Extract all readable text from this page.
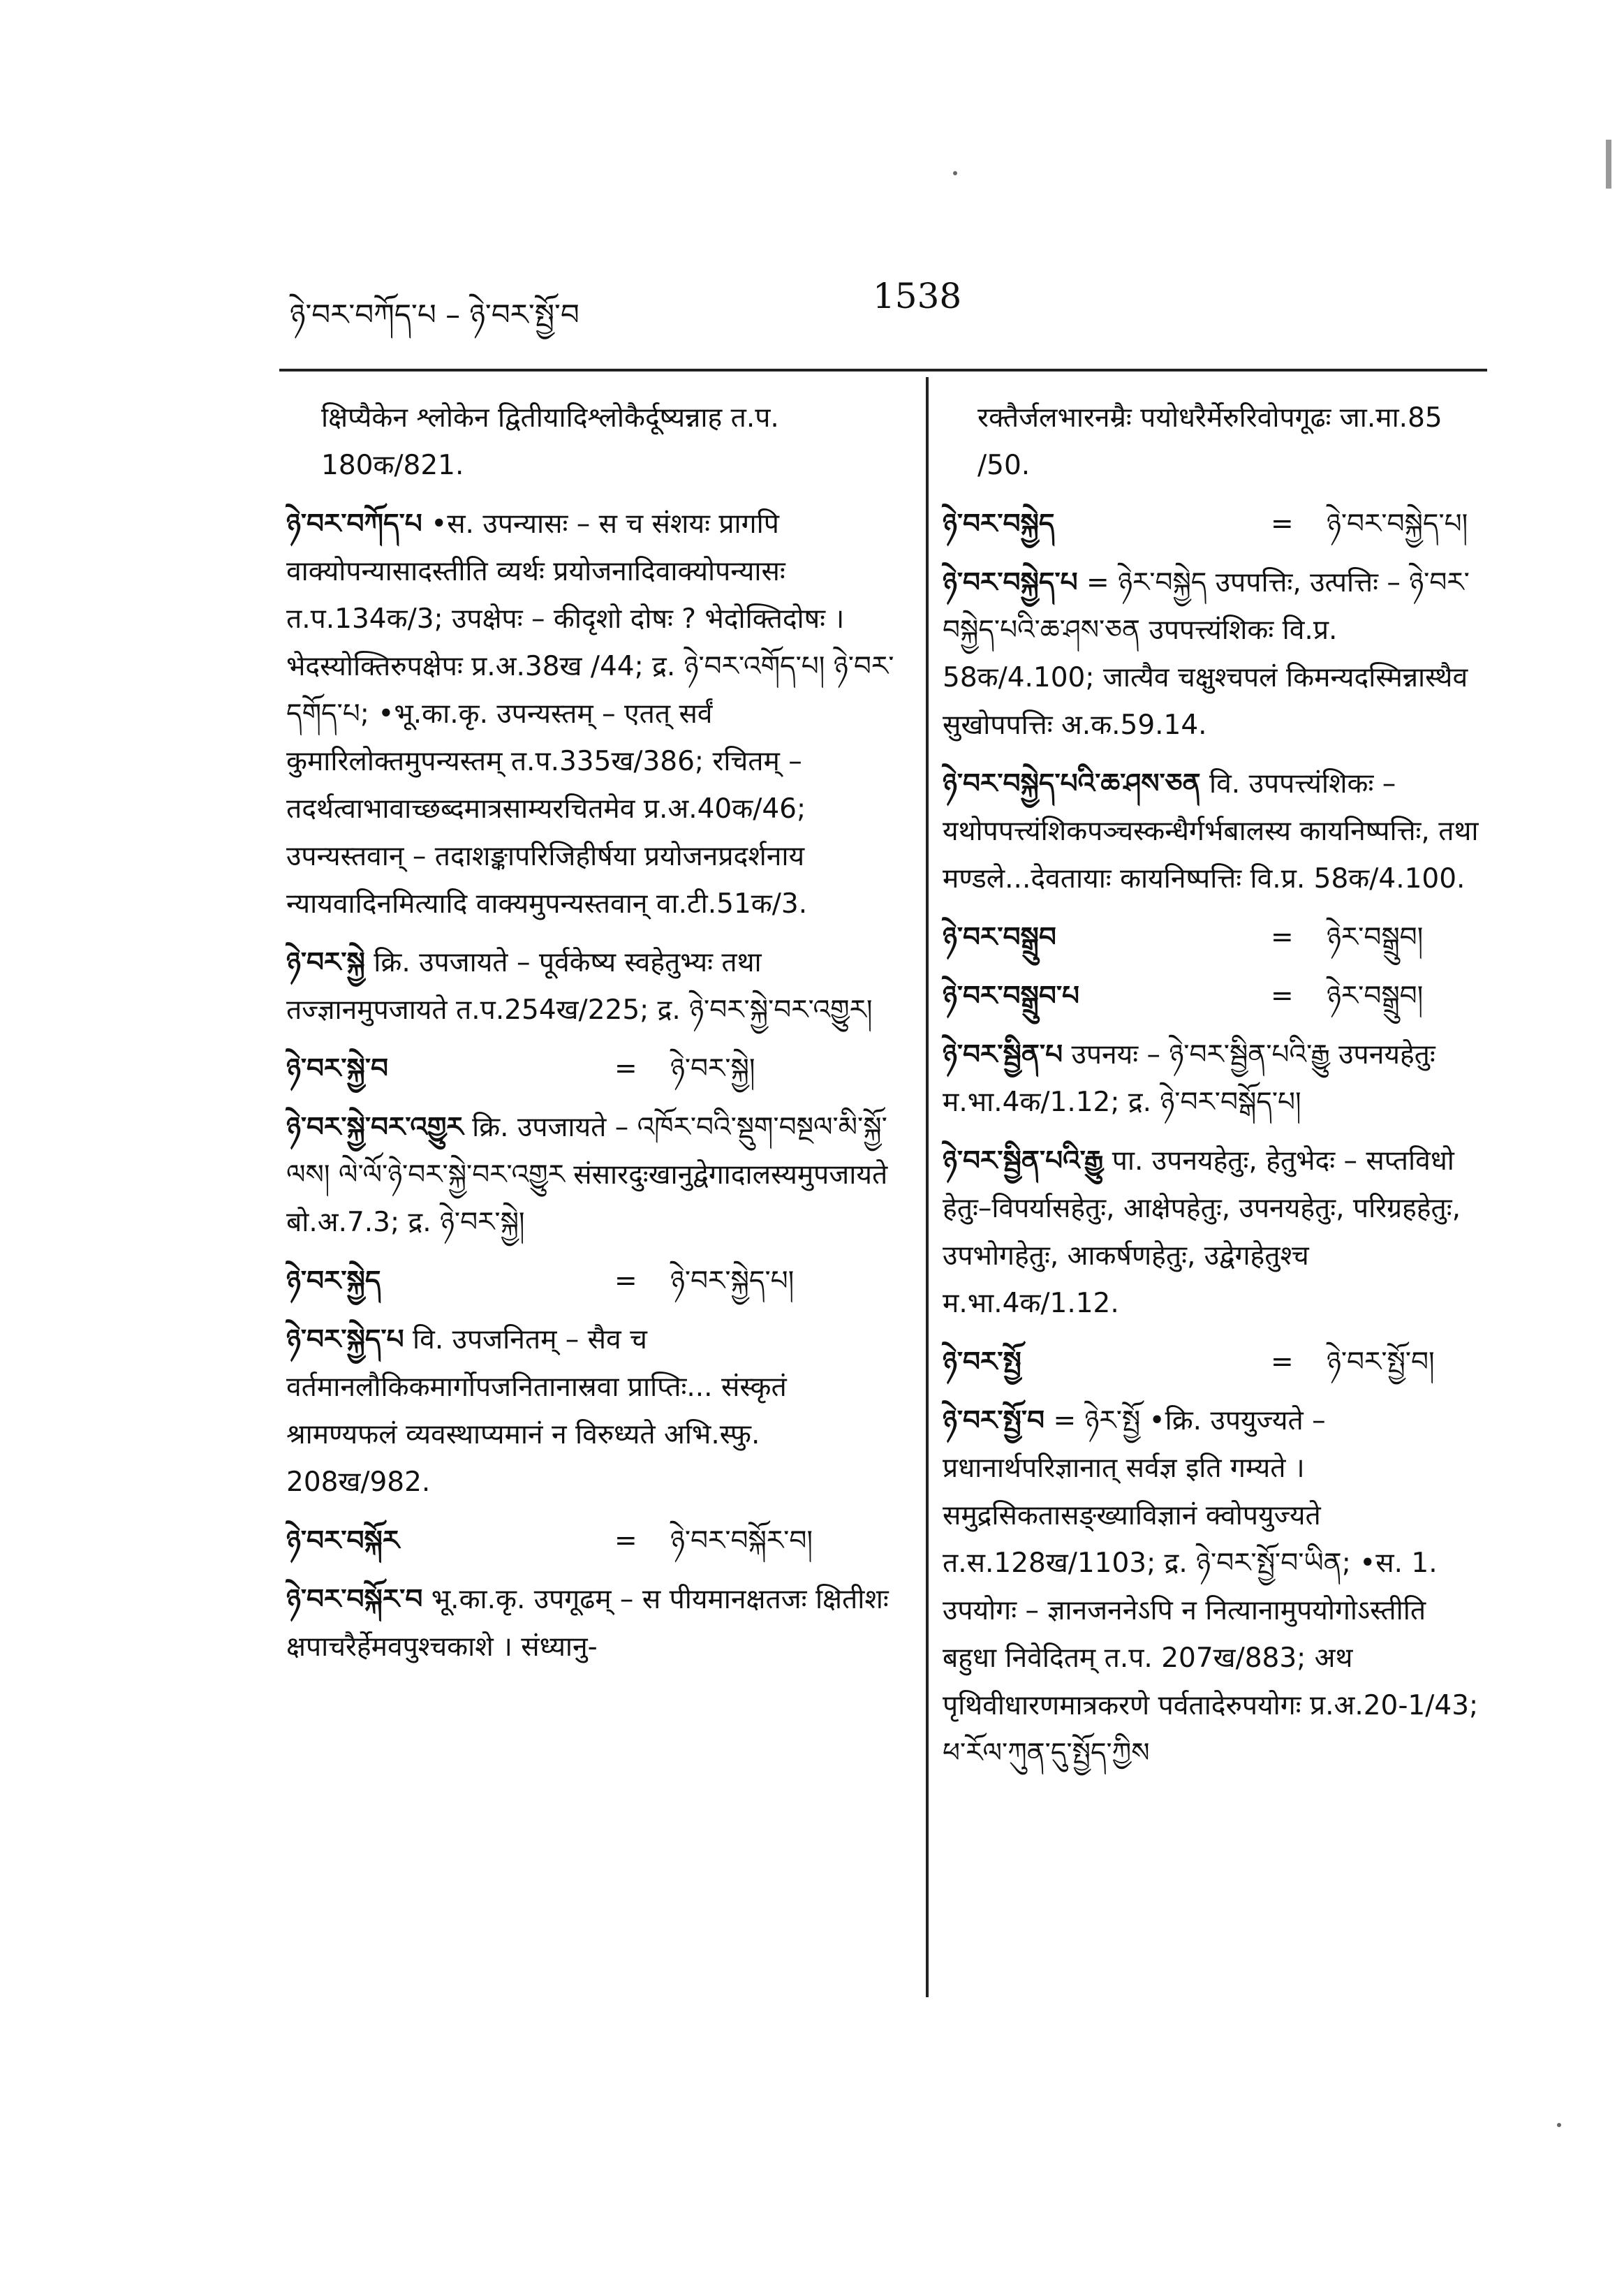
ཉེ་བར་བཀོད་པ – ཉེ་བར་སྤྱོ་བ	1538
क्षिप्यैकेन श्लोकेन द्वितीयादिश्लोकैर्दूष्यन्नाह त.प. 180क/821.
ཉེ་བར་བཀོད་པ •स. उपन्यासः – स च संशयः प्रागपि वाक्योपन्यासादस्तीति व्यर्थः प्रयोजनादिवाक्योपन्यासः त.प.134क/3; उपक्षेपः – कीदृशो दोषः ? भेदोक्तिदोषः । भेदस्योक्तिरुपक्षेपः प्र.अ.38ख /44; द्र. ཉེ་བར་འགོད་པ། ཉེ་བར་དགོད་པ; •भू.का.कृ. उपन्यस्तम् – एतत् सर्वं कुमारिलोक्तमुपन्यस्तम् त.प.335ख/386; रचितम् – तदर्थत्वाभावाच्छब्दमात्रसाम्यरचितमेव प्र.अ.40क/46; उपन्यस्तवान् – तदाशङ्कापरिजिहीर्षया प्रयोजनप्रदर्शनाय न्यायवादिनमित्यादि वाक्यमुपन्यस्तवान् वा.टी.51क/3.
ཉེ་བར་སྐྱེ क्रि. उपजायते – पूर्वकेष्य स्वहेतुभ्यः तथा तज्ज्ञानमुपजायते त.प.254ख/225; द्र. ཉེ་བར་སྐྱེ་བར་འགྱུར།
ཉེ་བར་སྐྱེ་བ	= ཉེ་བར་སྐྱེ།
ཉེ་བར་སྐྱེ་བར་འགྱུར क्रि. उपजायते – འཁོར་བའི་སྡུག་བསྔལ་མི་སྐྱོ་ལས། ལེ་ལོ་ཉེ་བར་སྐྱེ་བར་འགྱུར संसारदुःखानुद्वेगादालस्यमुपजायते बो.अ.7.3; द्र. ཉེ་བར་སྐྱེ།
ཉེ་བར་སྐྱེད	= ཉེ་བར་སྐྱེད་པ།
ཉེ་བར་སྐྱེད་པ वि. उपजनितम् – सैव च वर्तमानलौकिकमार्गोपजनितानास्रवा प्राप्तिः... संस्कृतं श्रामण्यफलं व्यवस्थाप्यमानं न विरुध्यते अभि.स्फु. 208ख/982.
ཉེ་བར་བསྐོར	= ཉེ་བར་བསྐོར་བ།
ཉེ་བར་བསྐོར་བ भू.का.कृ. उपगूढम् – स पीयमानक्षतजः क्षितीशः क्षपाचरैर्हेमवपुश्चकाशे । संध्यानु-
रक्तैर्जलभारनम्रैः पयोधरैर्मेरुरिवोपगूढः जा.मा.85 /50.
ཉེ་བར་བསྐྱེད	= ཉེ་བར་བསྐྱེད་པ།
ཉེ་བར་བསྐྱེད་པ = ཉེར་བསྐྱེད उपपत्तिः, उत्पत्तिः – ཉེ་བར་བསྐྱེད་པའི་ཆ་ཤས་ཅན उपपत्त्यंशिकः वि.प्र. 58क/4.100; जात्यैव चक्षुश्चपलं किमन्यदस्मिन्नास्थैव सुखोपपत्तिः अ.क.59.14.
ཉེ་བར་བསྐྱེད་པའི་ཆ་ཤས་ཅན वि. उपपत्त्यंशिकः – यथोपपत्त्यंशिकपञ्चस्कन्धैर्गर्भबालस्य कायनिष्पत्तिः, तथा मण्डले...देवतायाः कायनिष्पत्तिः वि.प्र. 58क/4.100.
ཉེ་བར་བསྒྲུབ	= ཉེར་བསྒྲུབ།
ཉེ་བར་བསྒྲུབ་པ	= ཉེར་བསྒྲུབ།
ཉེ་བར་སྦྱིན་པ उपनयः – ཉེ་བར་སྦྱིན་པའི་རྒྱུ उपनयहेतुः म.भा.4क/1.12; द्र. ཉེ་བར་བསྒོད་པ།
ཉེ་བར་སྦྱིན་པའི་རྒྱུ पा. उपनयहेतुः, हेतुभेदः – सप्तविधो हेतुः–विपर्यासहेतुः, आक्षेपहेतुः, उपनयहेतुः, परिग्रहहेतुः, उपभोगहेतुः, आकर्षणहेतुः, उद्वेगहेतुश्च म.भा.4क/1.12.
ཉེ་བར་སྤྱོ	= ཉེ་བར་སྤྱོ་བ།
ཉེ་བར་སྤྱོ་བ = ཉེར་སྤྱོ •क्रि. उपयुज्यते – प्रधानार्थपरिज्ञानात् सर्वज्ञ इति गम्यते । समुद्रसिकतासङ्ख्याविज्ञानं क्वोपयुज्यते त.स.128ख/1103; द्र. ཉེ་བར་སྤྱོ་བ་ཡིན; •स. 1. उपयोगः – ज्ञानजननेऽपि न नित्यानामुपयोगोऽस्तीति बहुधा निवेदितम् त.प. 207ख/883; अथ पृथिवीधारणमात्रकरणे पर्वतादेरुपयोगः प्र.अ.20-1/43; ཕ་རོལ་ཀུན་དུ་སྤྱོད་ཀྱིས
